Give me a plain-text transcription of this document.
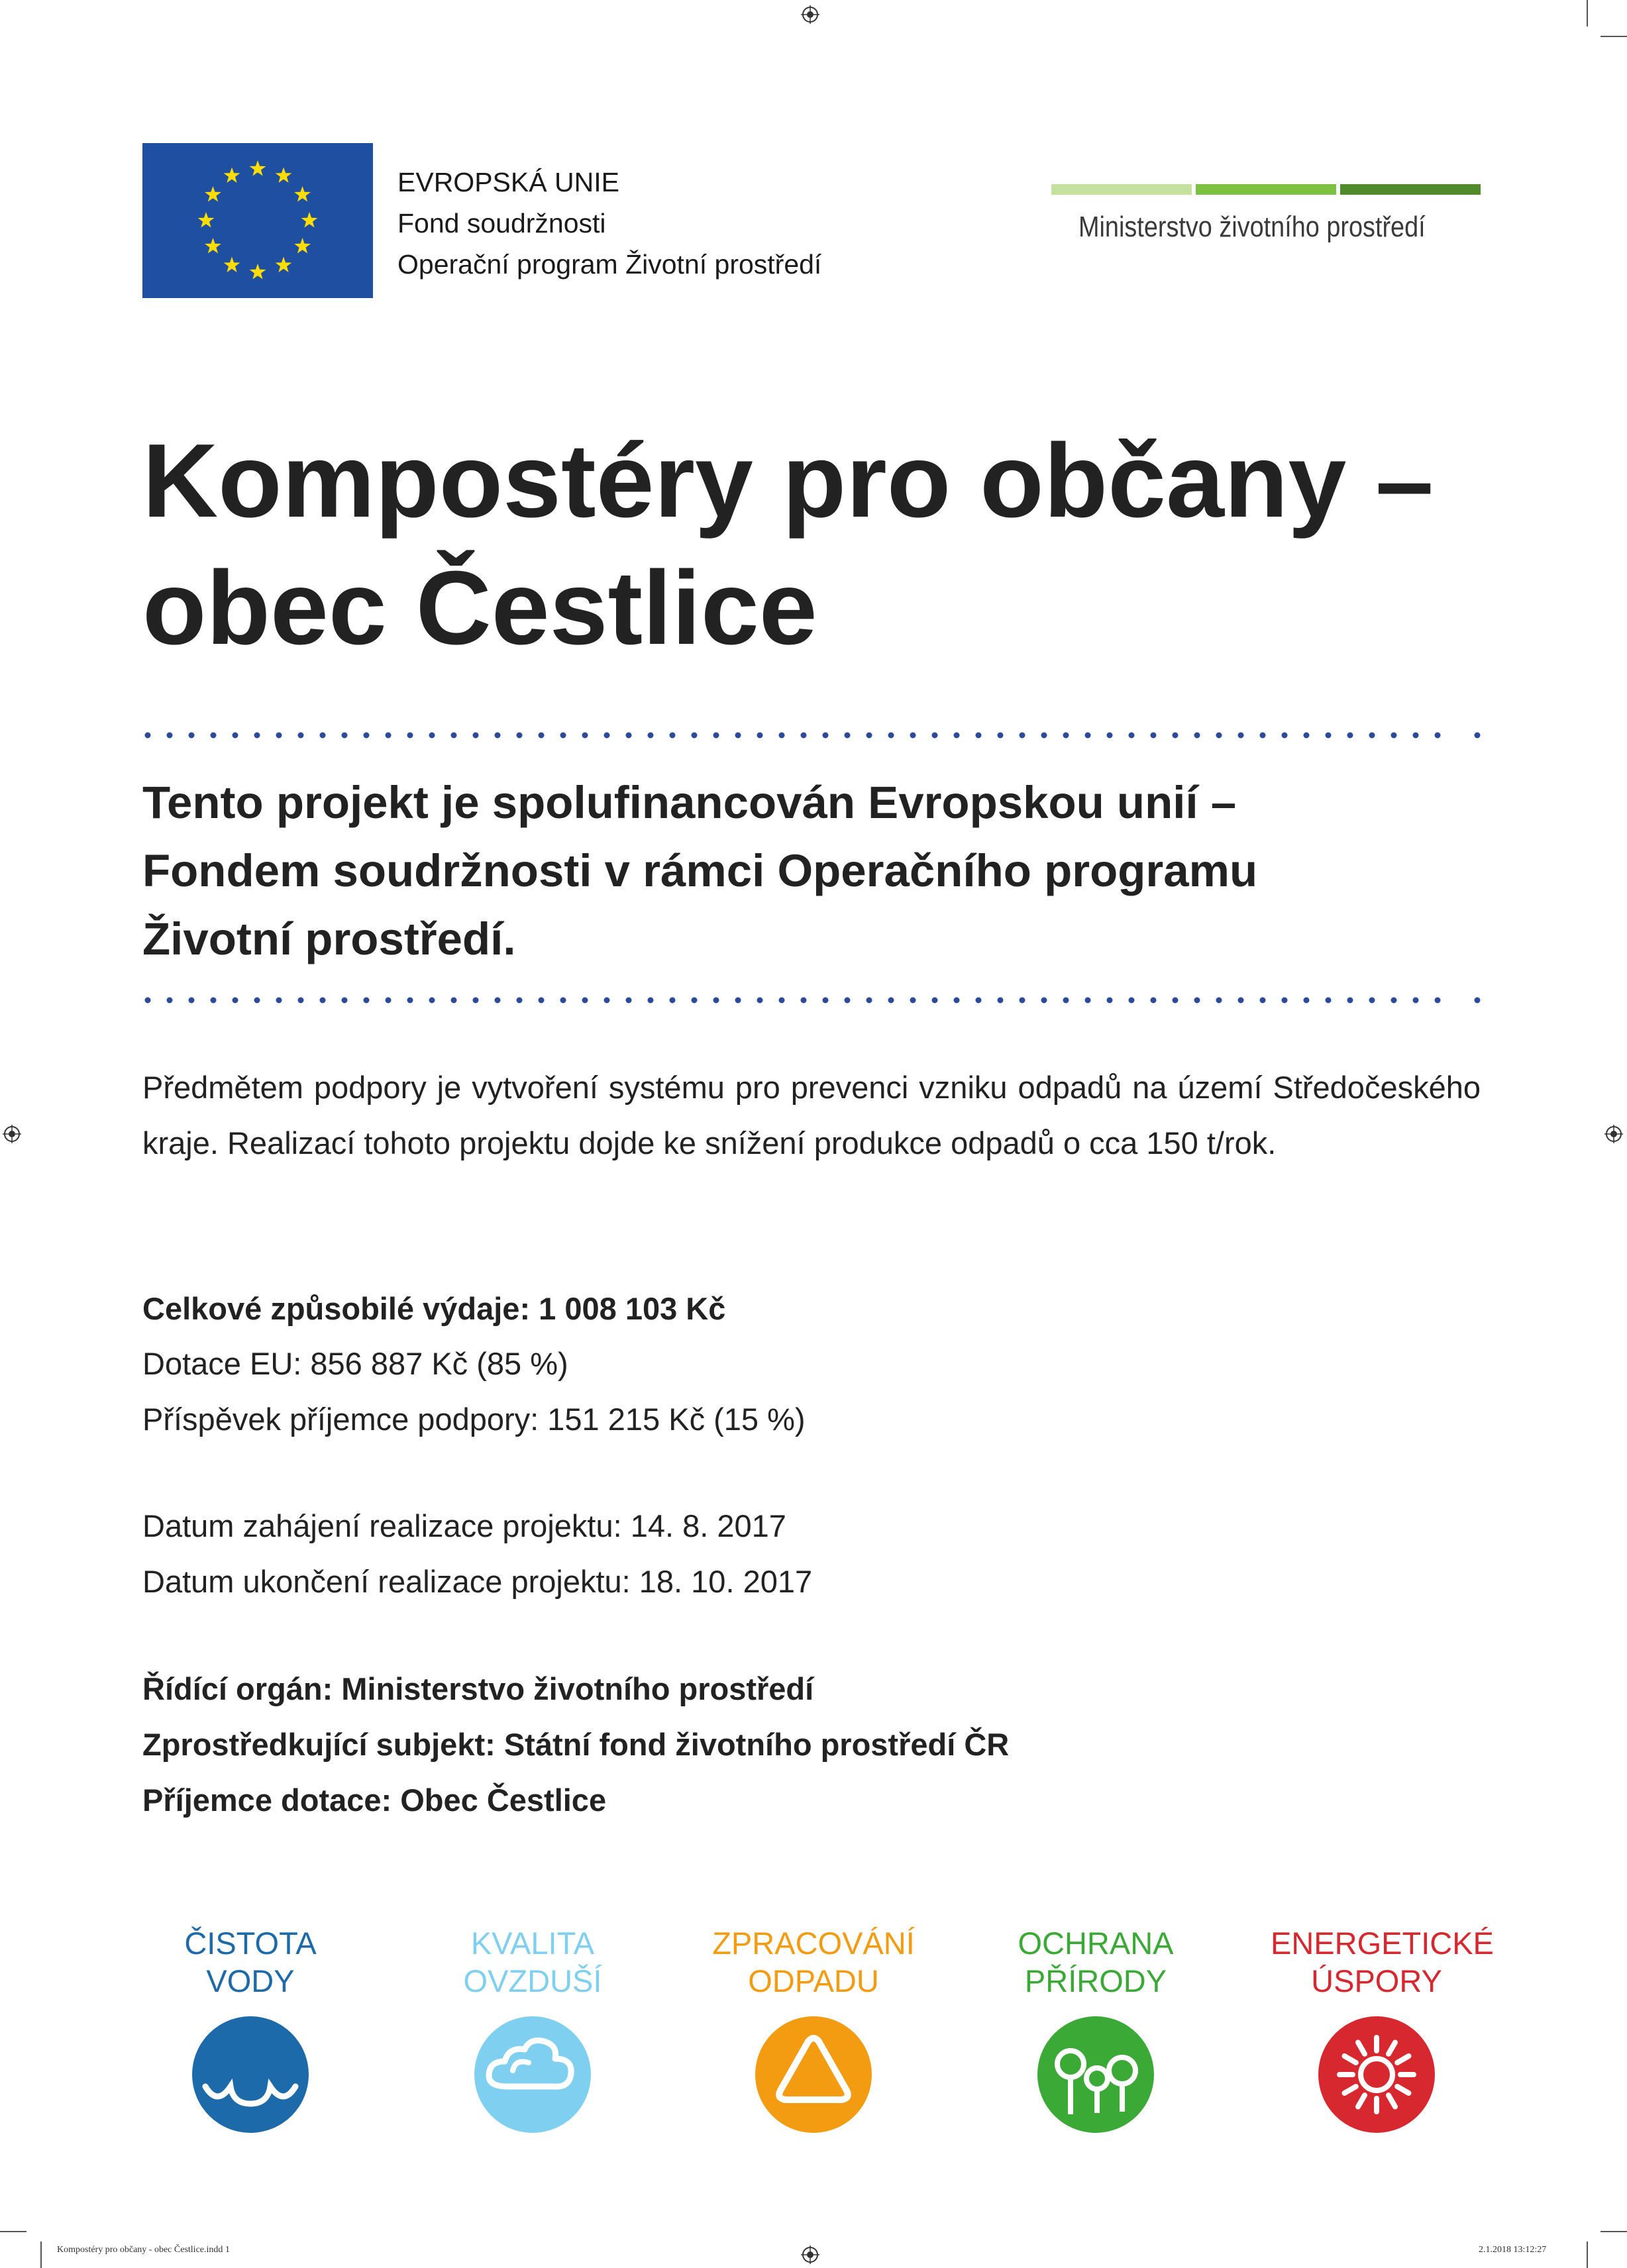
EVROPSKÁ UNIE
Fond soudržnosti
Operační program Životní prostředí
Ministerstvo životního prostředí
Kompostéry pro občany –
obec Čestlice
Tento projekt je spolufinancován Evropskou unií –
Fondem soudržnosti v rámci Operačního programu
Životní prostředí.
Předmětem podpory je vytvoření systému pro prevenci vzniku odpadů na území Středočeského kraje. Realizací tohoto projektu dojde ke snížení produkce odpadů o cca 150 t/rok.
Celkové způsobilé výdaje: 1 008 103 Kč
Dotace EU: 856 887 Kč (85 %)
Příspěvek příjemce podpory: 151 215 Kč (15 %)
Datum zahájení realizace projektu: 14. 8. 2017
Datum ukončení realizace projektu: 18. 10. 2017
Řídící orgán: Ministerstvo životního prostředí
Zprostředkující subjekt: Státní fond životního prostředí ČR
Příjemce dotace: Obec Čestlice
ČISTOTA
VODY
KVALITA
OVZDUŠÍ
ZPRACOVÁNÍ
ODPADU
OCHRANA
PŘÍRODY
ENERGETICKÉ
ÚSPORY
Kompostéry pro občany - obec Čestlice.indd 1	2.1.2018 13:12:27
